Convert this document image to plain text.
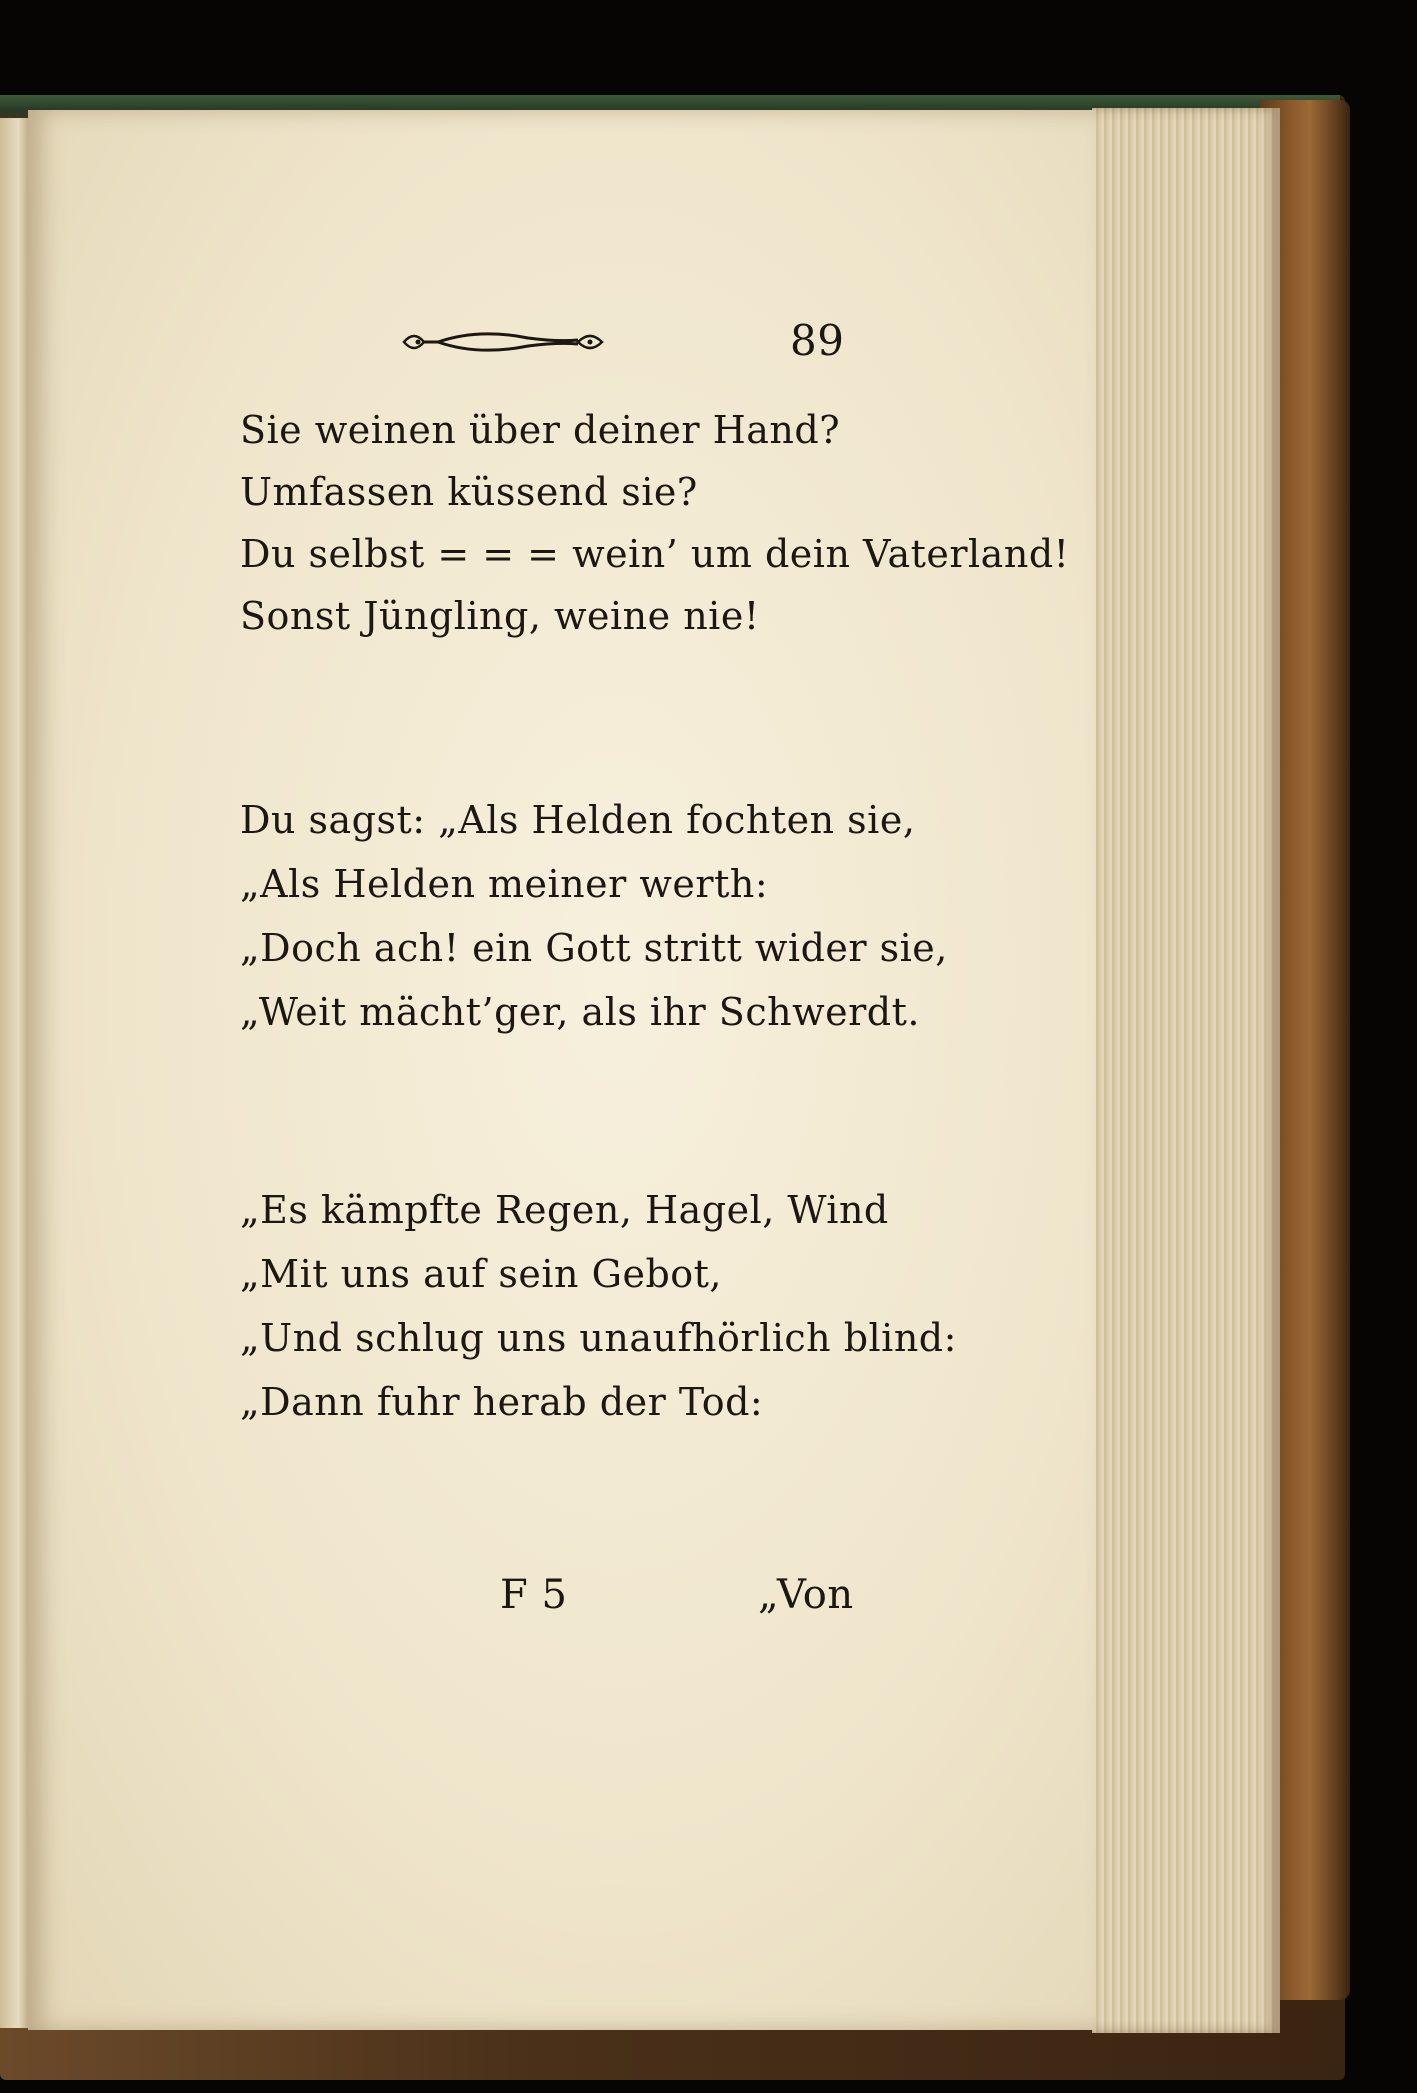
89
Sie weinen über deiner Hand?
Umfassen küssend sie?
Du selbst = = = wein’ um dein Vaterland!
Sonst Jüngling, weine nie!
Du sagst: „Als Helden fochten sie,
„Als Helden meiner werth:
„Doch ach! ein Gott stritt wider sie,
„Weit mächt’ger, als ihr Schwerdt.
„Es kämpfte Regen, Hagel, Wind
„Mit uns auf sein Gebot,
„Und schlug uns unaufhörlich blind:
„Dann fuhr herab der Tod:
F 5	„Von
